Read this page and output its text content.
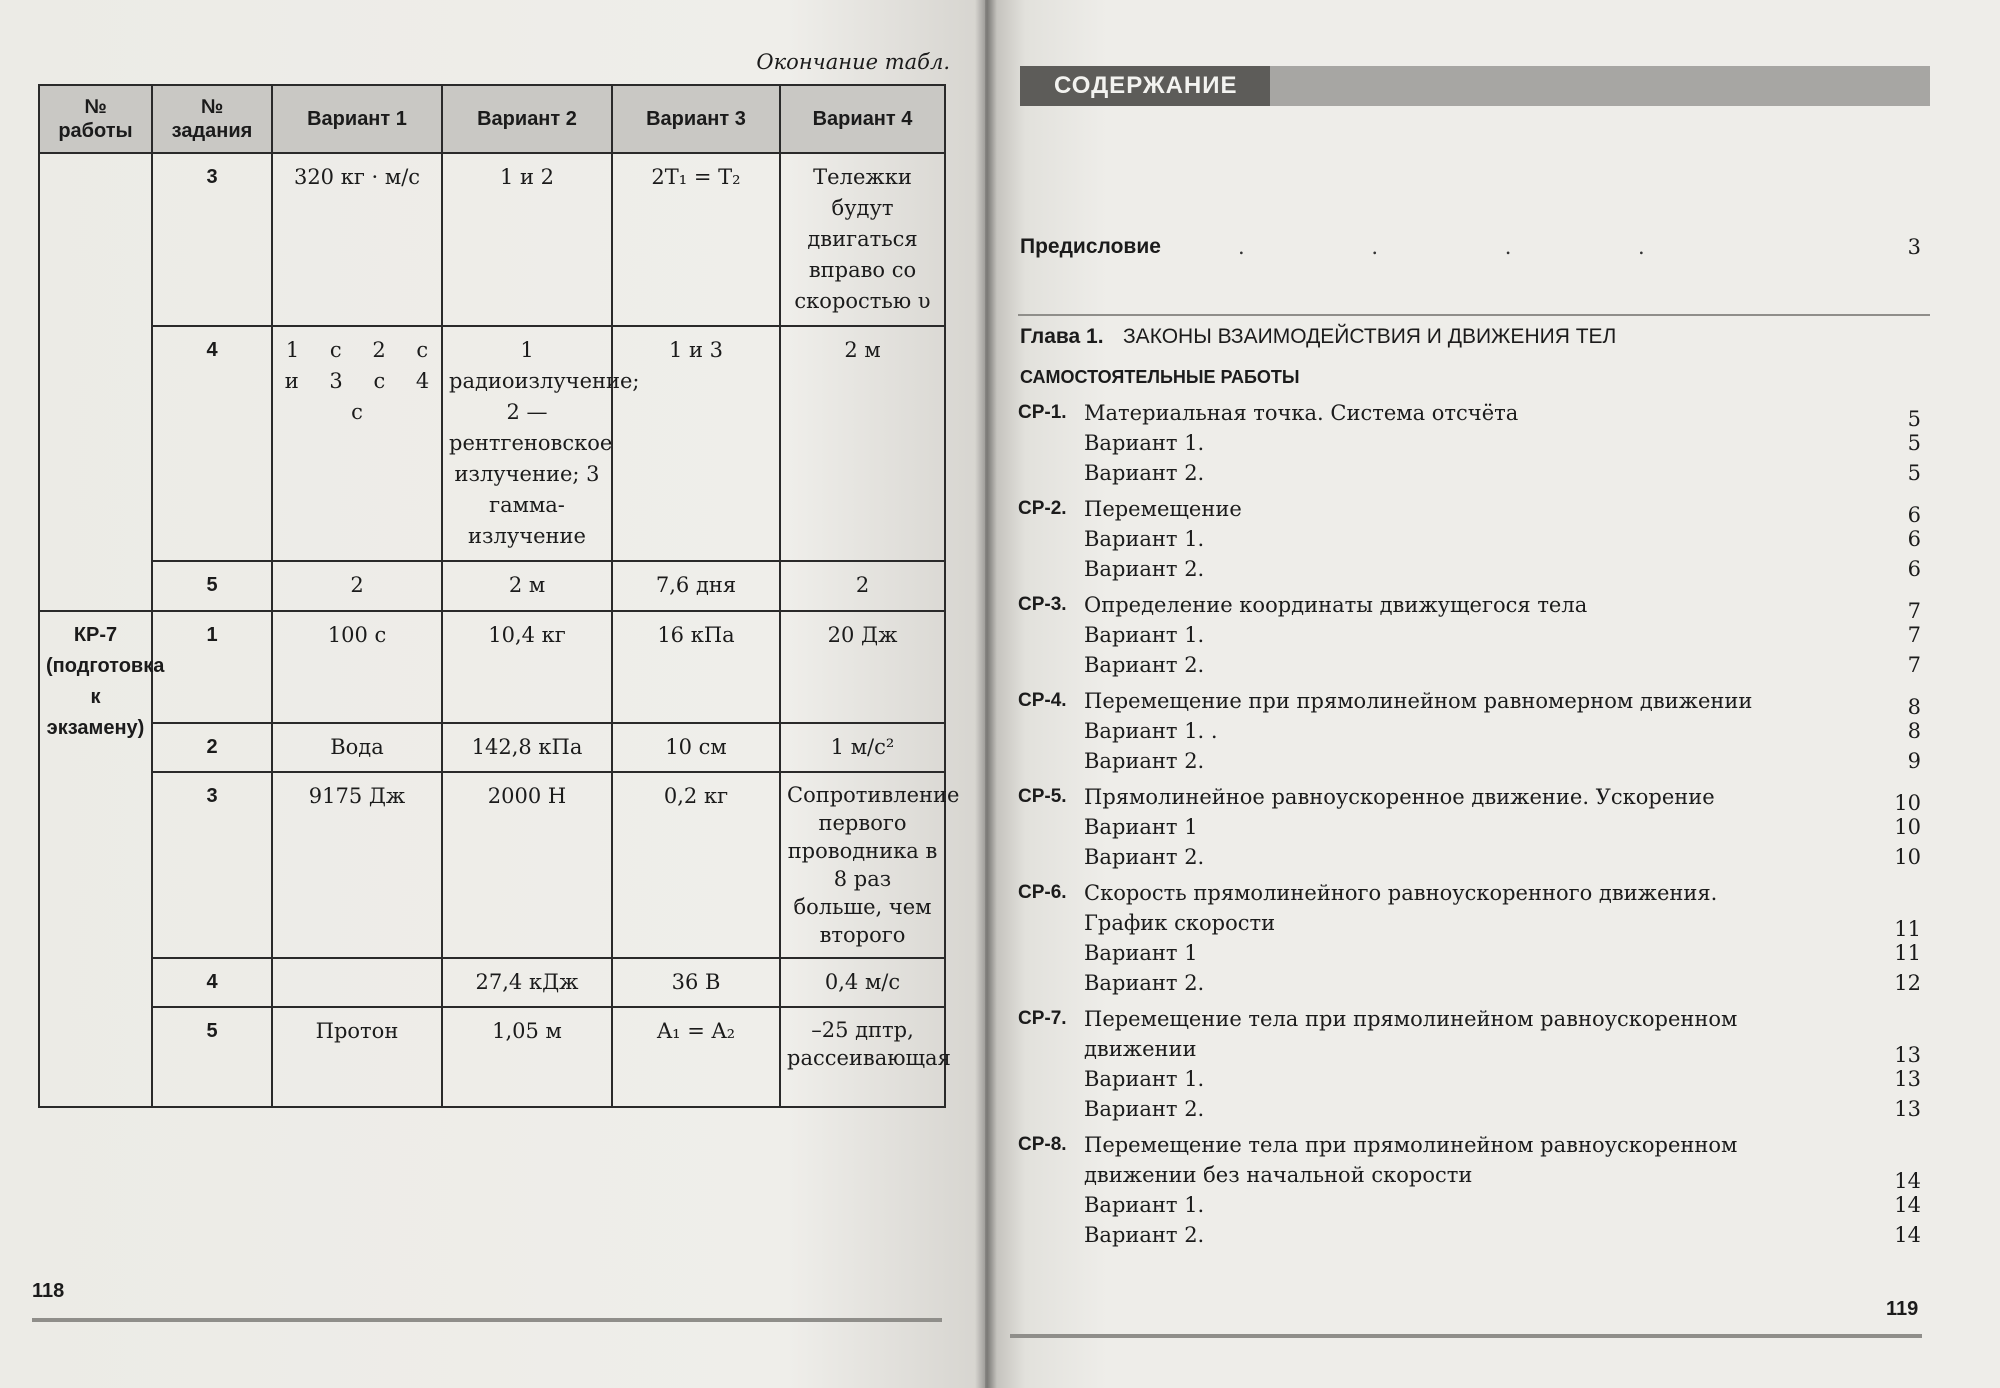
Окончание табл.
№ работы	№ задания	Вариант 1	Вариант 2	Вариант 3	Вариант 4
	3	320 кг · м/с	1 и 2	2T₁ = T₂	Тележки будут двигаться вправо со скоростью υ
	4	1 с 2 с и 3 с 4 с	1 радиоизлучение; 2 — рентгеновское излучение; 3 гамма-излучение	1 и 3	2 м
	5	2	2 м	7,6 дня	2
КР-7 (подготовка к экзамену)	1	100 с	10,4 кг	16 кПа	20 Дж
	2	Вода	142,8 кПа	10 см	1 м/с²
	3	9175 Дж	2000 Н	0,2 кг	Сопротивление первого проводника в 8 раз больше, чем второго
	4		27,4 кДж	36 В	0,4 м/с
	5	Протон	1,05 м	A₁ = A₂	–25 дптр, рассеивающая
118
СОДЕРЖАНИЕ
Предисловие	. . . .	3
Глава 1. ЗАКОНЫ ВЗАИМОДЕЙСТВИЯ И ДВИЖЕНИЯ ТЕЛ
САМОСТОЯТЕЛЬНЫЕ РАБОТЫ
СР-1. Материальная точка. Система отсчёта	5
Вариант 1.	5
Вариант 2.	5
СР-2. Перемещение	6
Вариант 1.	6
Вариант 2.	6
СР-3. Определение координаты движущегося тела	7
Вариант 1.	7
Вариант 2.	7
СР-4. Перемещение при прямолинейном равномерном движении	8
Вариант 1. .	8
Вариант 2.	9
СР-5. Прямолинейное равноускоренное движение. Ускорение	10
Вариант 1	10
Вариант 2.	10
СР-6. Скорость прямолинейного равноускоренного движения.
График скорости	11
Вариант 1	11
Вариант 2.	12
СР-7. Перемещение тела при прямолинейном равноускоренном
движении	13
Вариант 1.	13
Вариант 2.	13
СР-8. Перемещение тела при прямолинейном равноускоренном
движении без начальной скорости	14
Вариант 1.	14
Вариант 2.	14
119
